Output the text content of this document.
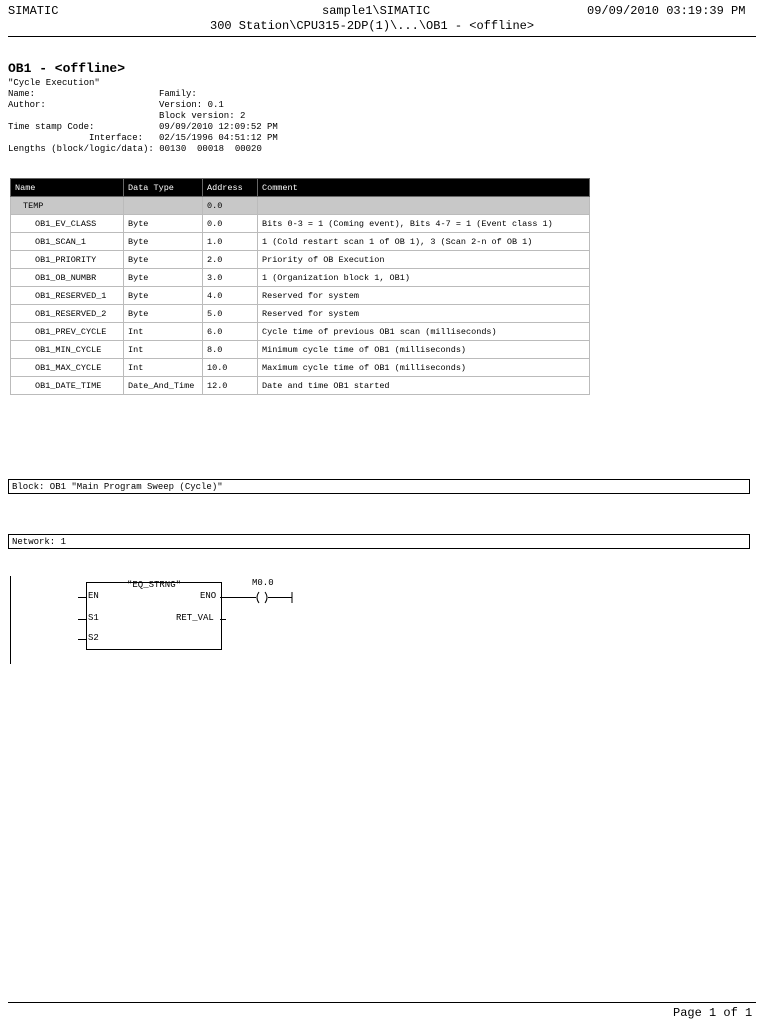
SIMATIC	sample1\SIMATIC
300 Station\CPU315-2DP(1)\...\OB1 - <offline>
09/09/2010 03:19:39 PM
OB1 - <offline>
"Cycle Execution"
Name:	Family:
Author:	Version: 0.1
Block version: 2
Time stamp Code:	09/09/2010 12:09:52 PM
Interface: 02/15/1996 04:51:12 PM
Lengths (block/logic/data): 00130  00018  00020
Name	Data Type	Address	Comment
TEMP		0.0	
OB1_EV_CLASS	Byte	0.0	Bits 0-3 = 1 (Coming event), Bits 4-7 = 1 (Event class 1)
OB1_SCAN_1	Byte	1.0	1 (Cold restart scan 1 of OB 1), 3 (Scan 2-n of OB 1)
OB1_PRIORITY	Byte	2.0	Priority of OB Execution
OB1_OB_NUMBR	Byte	3.0	1 (Organization block 1, OB1)
OB1_RESERVED_1	Byte	4.0	Reserved for system
OB1_RESERVED_2	Byte	5.0	Reserved for system
OB1_PREV_CYCLE	Int	6.0	Cycle time of previous OB1 scan (milliseconds)
OB1_MIN_CYCLE	Int	8.0	Minimum cycle time of OB1 (milliseconds)
OB1_MAX_CYCLE	Int	10.0	Maximum cycle time of OB1 (milliseconds)
OB1_DATE_TIME	Date_And_Time	12.0	Date and time OB1 started
Block: OB1 "Main Program Sweep (Cycle)"
Network: 1
"EQ_STRNG"
EN
S1
S2
ENO
RET_VAL
M0.0
Page 1 of 1
